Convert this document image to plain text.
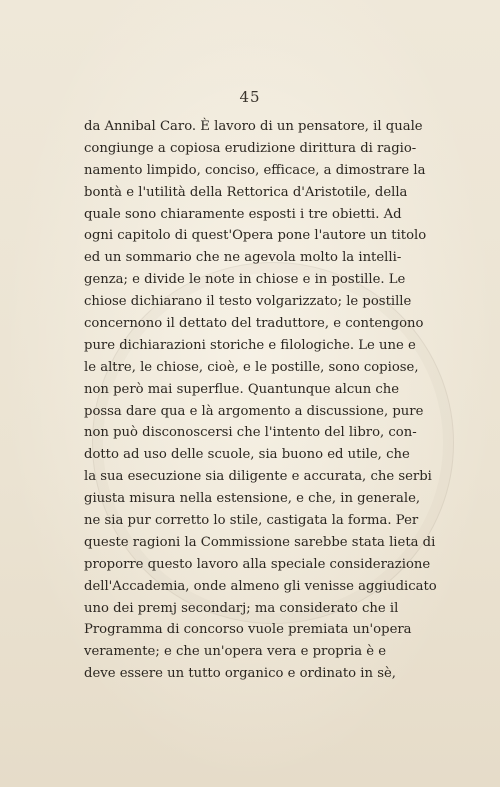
45
da Annibal Caro. È lavoro di un pensatore, il quale
congiunge a copiosa erudizione dirittura di ragio-
namento limpido, conciso, efficace, a dimostrare la
bontà e l'utilità della Rettorica d'Aristotile, della
quale sono chiaramente esposti i tre obietti. Ad
ogni capitolo di quest'Opera pone l'autore un titolo
ed un sommario che ne agevola molto la intelli-
genza; e divide le note in chiose e in postille. Le
chiose dichiarano il testo volgarizzato; le postille
concernono il dettato del traduttore, e contengono
pure dichiarazioni storiche e filologiche. Le une e
le altre, le chiose, cioè, e le postille, sono copiose,
non però mai superflue. Quantunque alcun che
possa dare qua e là argomento a discussione, pure
non può disconoscersi che l'intento del libro, con-
dotto ad uso delle scuole, sia buono ed utile, che
la sua esecuzione sia diligente e accurata, che serbi
giusta misura nella estensione, e che, in generale,
ne sia pur corretto lo stile, castigata la forma. Per
queste ragioni la Commissione sarebbe stata lieta di
proporre questo lavoro alla speciale considerazione
dell'Accademia, onde almeno gli venisse aggiudicato
uno dei premj secondarj; ma considerato che il
Programma di concorso vuole premiata un'opera
veramente; e che un'opera vera e propria è e
deve essere un tutto organico e ordinato in sè,
